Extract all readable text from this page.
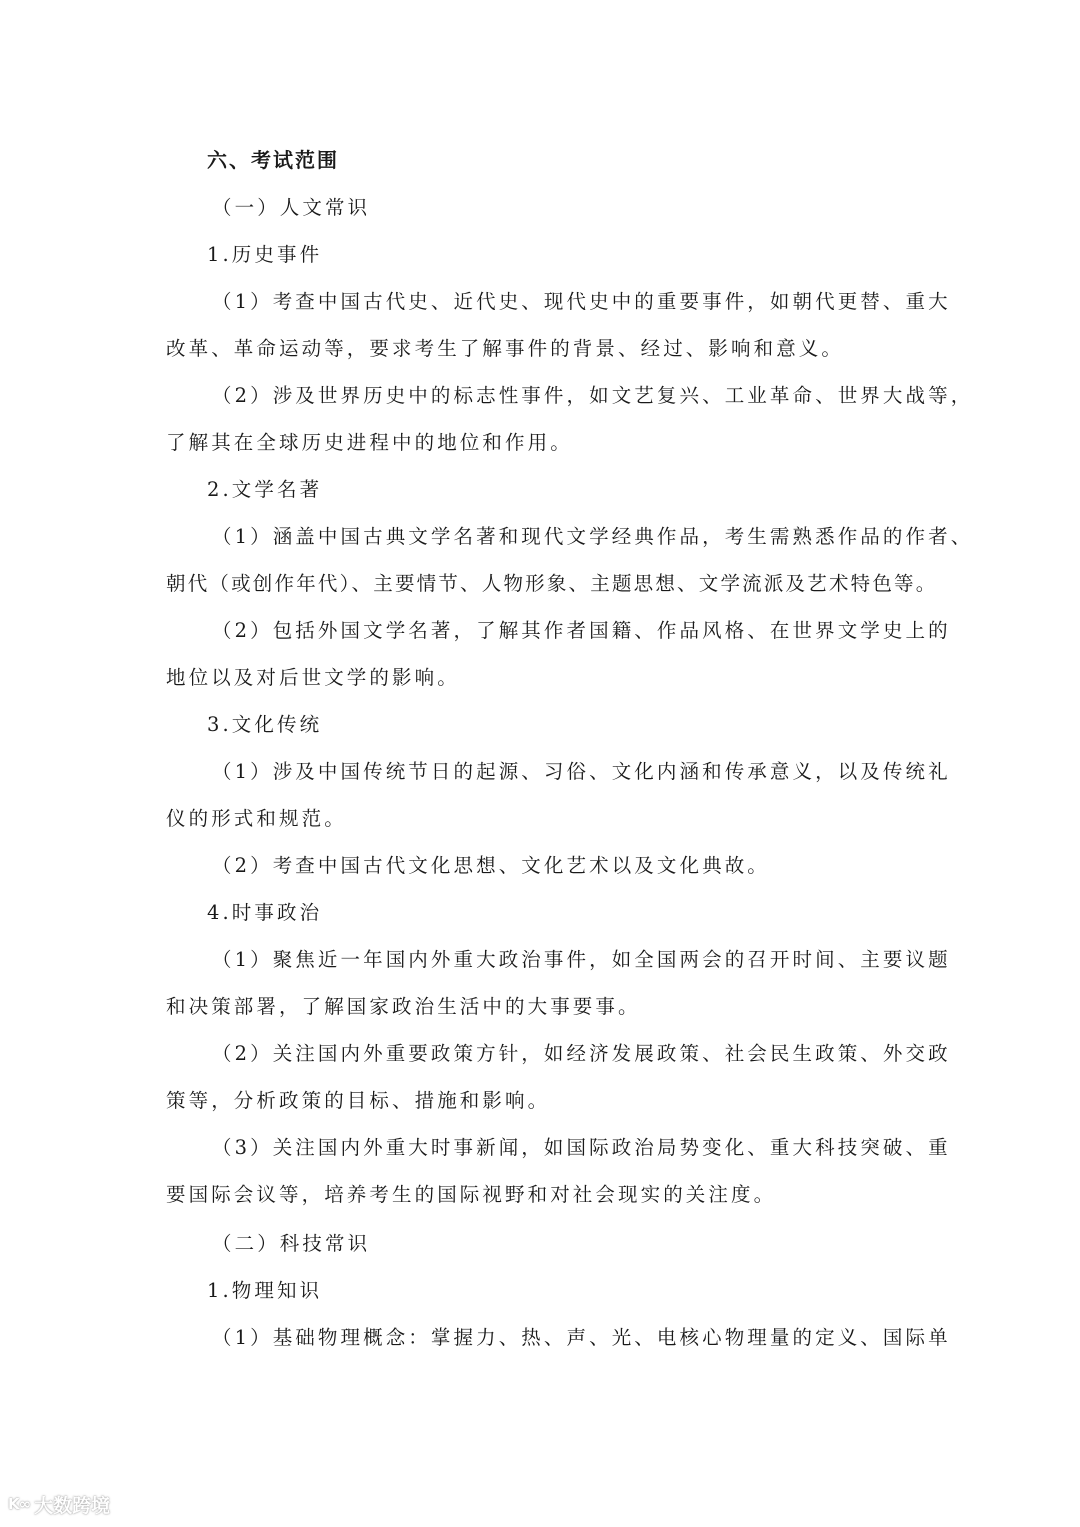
六、考试范围
（一）人文常识
1.历史事件
（1）考查中国古代史、近代史、现代史中的重要事件，如朝代更替、重大
改革、革命运动等，要求考生了解事件的背景、经过、影响和意义。
（2）涉及世界历史中的标志性事件，如文艺复兴、工业革命、世界大战等，
了解其在全球历史进程中的地位和作用。
2.文学名著
（1）涵盖中国古典文学名著和现代文学经典作品，考生需熟悉作品的作者、
朝代（或创作年代）、主要情节、人物形象、主题思想、文学流派及艺术特色等。
（2）包括外国文学名著，了解其作者国籍、作品风格、在世界文学史上的
地位以及对后世文学的影响。
3.文化传统
（1）涉及中国传统节日的起源、习俗、文化内涵和传承意义，以及传统礼
仪的形式和规范。
（2）考查中国古代文化思想、文化艺术以及文化典故。
4.时事政治
（1）聚焦近一年国内外重大政治事件，如全国两会的召开时间、主要议题
和决策部署，了解国家政治生活中的大事要事。
（2）关注国内外重要政策方针，如经济发展政策、社会民生政策、外交政
策等，分析政策的目标、措施和影响。
（3）关注国内外重大时事新闻，如国际政治局势变化、重大科技突破、重
要国际会议等，培养考生的国际视野和对社会现实的关注度。
（二）科技常识
1.物理知识
（1）基础物理概念：掌握力、热、声、光、电核心物理量的定义、国际单
K∞ 大数跨境
